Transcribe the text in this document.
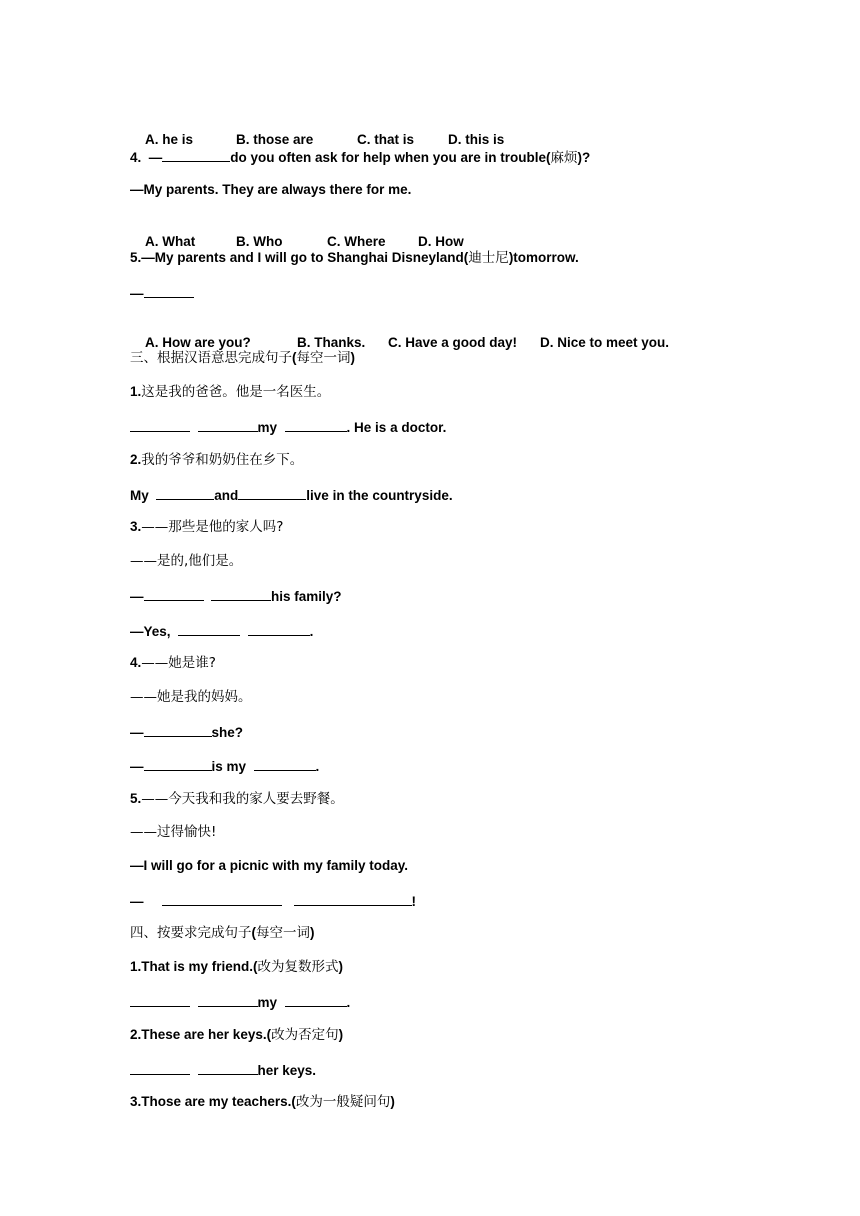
A. he is	B. those are	C. that is	D. this is

4.  —	do you often ask for help when you are in trouble(麻烦)?
—My parents. They are always there for me.

A. What	B. Who	C. Where D. How

5.—My parents and I will go to Shanghai Disneyland(迪士尼)tomorrow.
—

A. How are you?	B. Thanks. C. Have a good day! D. Nice to meet you.

三、根据汉语意思完成句子(每空一词)
1.这是我的爸爸。他是一名医生。
my	. He is a doctor.
2.我的爷爷和奶奶住在乡下。
My	and	live in the countryside.
3.——那些是他的家人吗?
——是的,他们是。
—	his family?
—Yes,	.
4.——她是谁?
——她是我的妈妈。
—	she?
—	is my	.
5.——今天我和我的家人要去野餐。
——过得愉快!
—I will go for a picnic with my family today.
—	!
四、按要求完成句子(每空一词)
1.That is my friend.(改为复数形式)
my	.
2.These are her keys.(改为否定句)
her keys.
3.Those are my teachers.(改为一般疑问句)
